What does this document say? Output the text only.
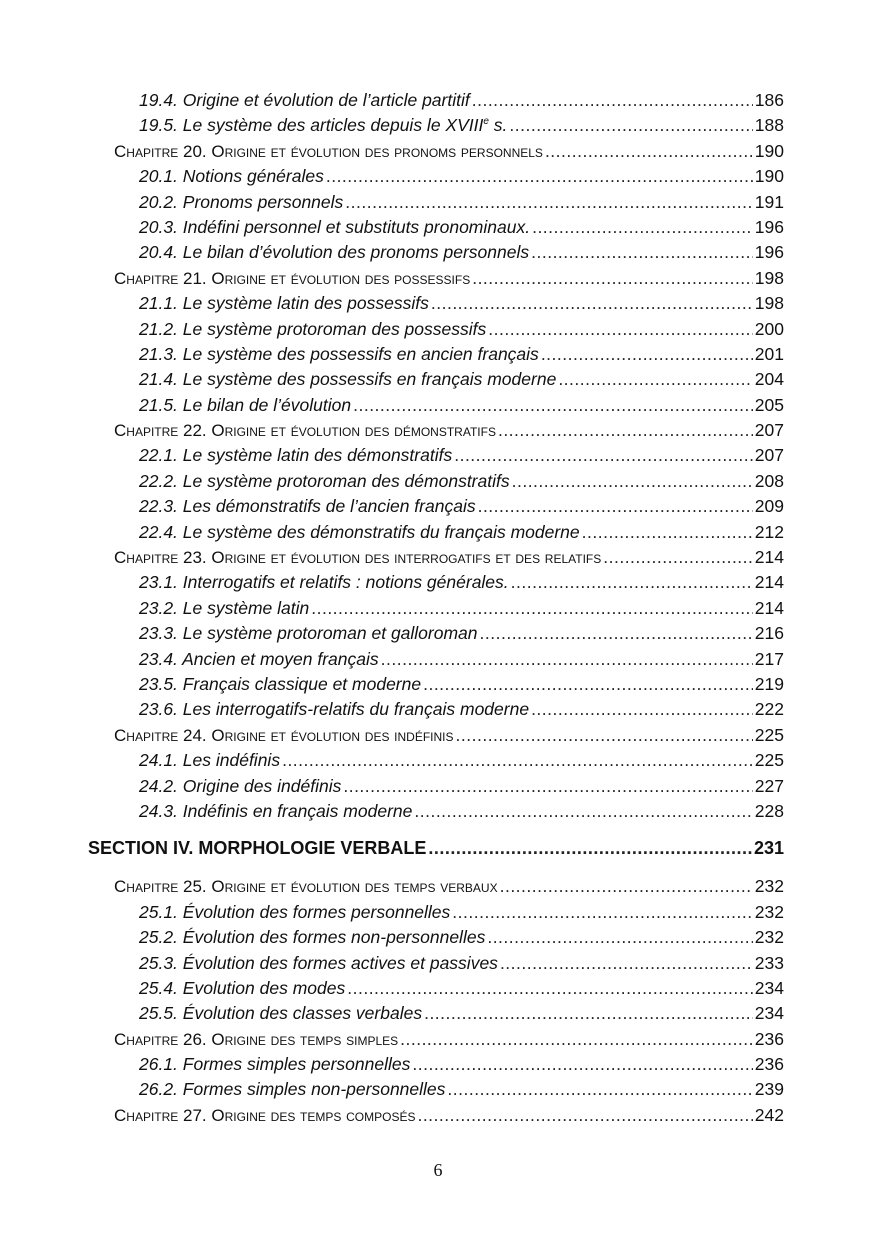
19.4. Origine et évolution de l’article partitif .....	186
19.5. Le système des articles depuis le XVIIIe s. .....	188
Chapitre 20. Origine et évolution des pronoms personnels .....	190
20.1. Notions générales .....	190
20.2. Pronoms personnels .....	191
20.3. Indéfini personnel et substituts pronominaux. .....	196
20.4. Le bilan d’évolution des pronoms personnels .....	196
Chapitre 21. Origine et évolution des possessifs .....	198
21.1. Le système latin des possessifs .....	198
21.2. Le système protoroman des possessifs .....	200
21.3. Le système des possessifs en ancien français .....	201
21.4. Le système des possessifs en français moderne .....	204
21.5. Le bilan de l’évolution .....	205
Chapitre 22. Origine et évolution des démonstratifs .....	207
22.1. Le système latin des démonstratifs .....	207
22.2. Le système protoroman des démonstratifs .....	208
22.3. Les démonstratifs de l’ancien français .....	209
22.4. Le système des démonstratifs du français moderne .....	212
Chapitre 23. Origine et évolution des interrogatifs et des relatifs .....	214
23.1. Interrogatifs et relatifs : notions générales. .....	214
23.2. Le système latin .....	214
23.3. Le système protoroman et galloroman .....	216
23.4. Ancien et moyen français .....	217
23.5. Français classique et moderne .....	219
23.6. Les interrogatifs-relatifs du français moderne .....	222
Chapitre 24. Origine et évolution des indéfinis .....	225
24.1. Les indéfinis .....	225
24.2. Origine des indéfinis .....	227
24.3. Indéfinis en français moderne .....	228
SECTION IV. MORPHOLOGIE VERBALE .....	231
Chapitre 25. Origine et évolution des temps verbaux .....	232
25.1. Évolution des formes personnelles .....	232
25.2. Évolution des formes non-personnelles .....	232
25.3. Évolution des formes actives et passives .....	233
25.4. Evolution des modes .....	234
25.5. Évolution des classes verbales .....	234
Chapitre 26. Origine des temps simples .....	236
26.1. Formes simples personnelles .....	236
26.2. Formes simples non-personnelles .....	239
Chapitre 27. Origine des temps composés .....	242
6
